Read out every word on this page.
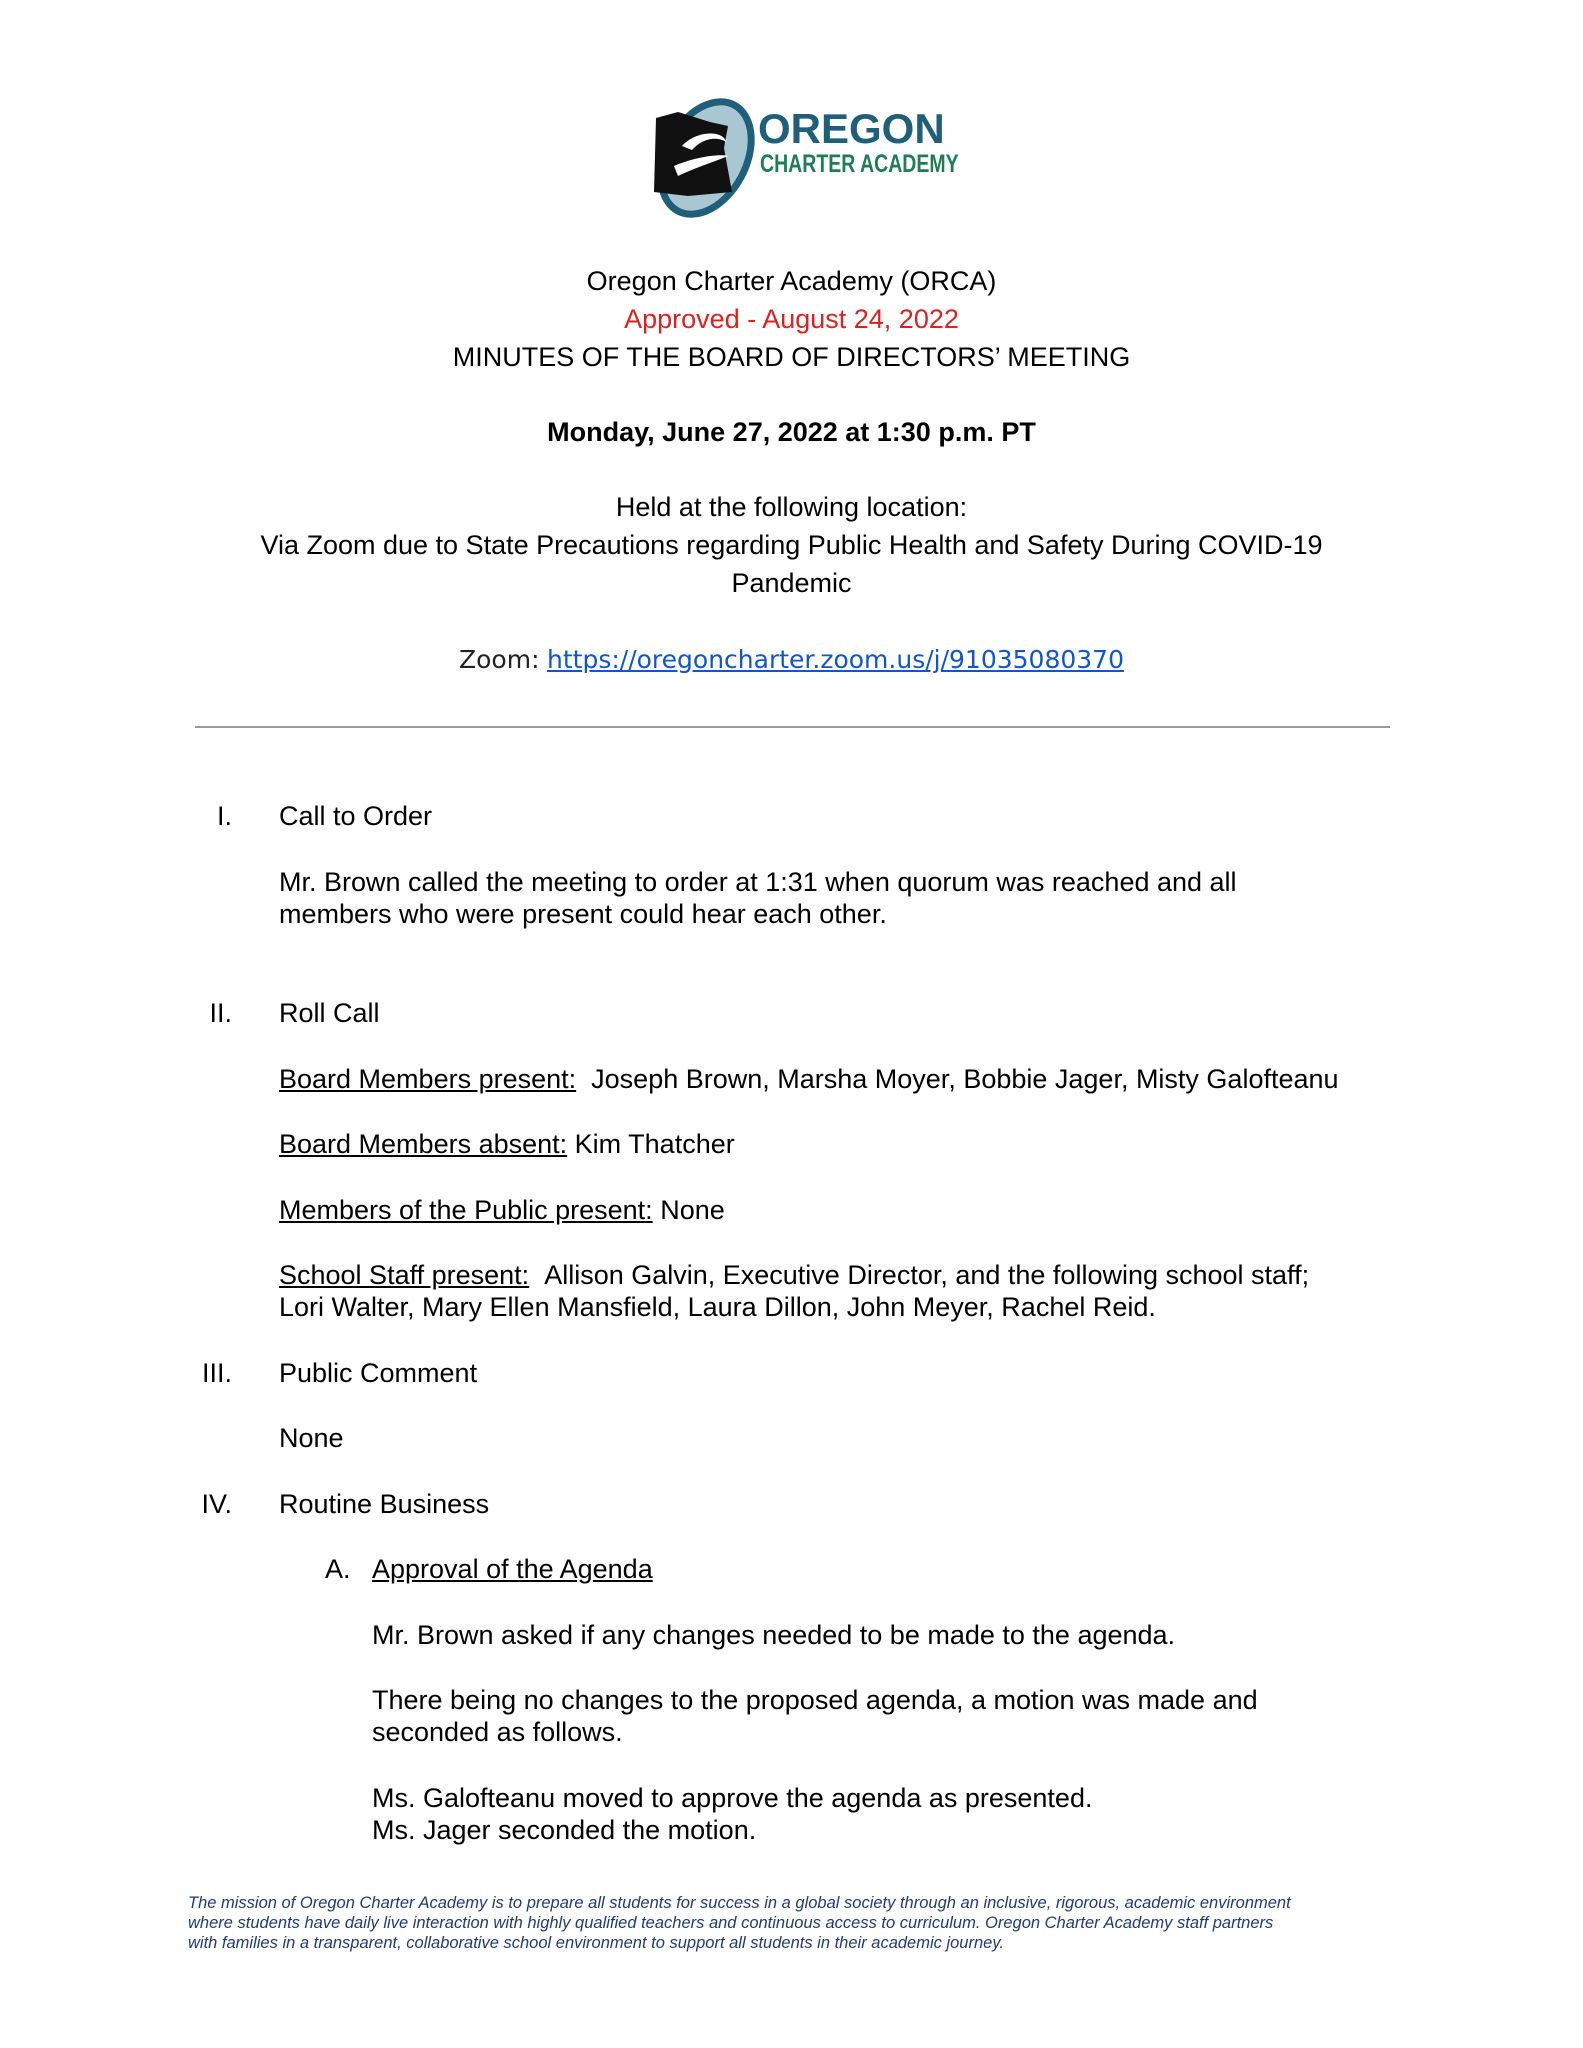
OREGON
CHARTER ACADEMY
Oregon Charter Academy (ORCA)
Approved - August 24, 2022
MINUTES OF THE BOARD OF DIRECTORS’ MEETING
Monday, June 27, 2022 at 1:30 p.m. PT
Held at the following location:
Via Zoom due to State Precautions regarding Public Health and Safety During COVID-19
Pandemic
Zoom: https://oregoncharter.zoom.us/j/91035080370
I. Call to Order
Mr. Brown called the meeting to order at 1:31 when quorum was reached and all
members who were present could hear each other.
II. Roll Call
Board Members present: Joseph Brown, Marsha Moyer, Bobbie Jager, Misty Galofteanu
Board Members absent: Kim Thatcher
Members of the Public present: None
School Staff present: Allison Galvin, Executive Director, and the following school staff;
Lori Walter, Mary Ellen Mansfield, Laura Dillon, John Meyer, Rachel Reid.
III. Public Comment
None
IV. Routine Business
A. Approval of the Agenda
Mr. Brown asked if any changes needed to be made to the agenda.
There being no changes to the proposed agenda, a motion was made and
seconded as follows.
Ms. Galofteanu moved to approve the agenda as presented.
Ms. Jager seconded the motion.
The mission of Oregon Charter Academy is to prepare all students for success in a global society through an inclusive, rigorous, academic environment
where students have daily live interaction with highly qualified teachers and continuous access to curriculum. Oregon Charter Academy staff partners
with families in a transparent, collaborative school environment to support all students in their academic journey.
